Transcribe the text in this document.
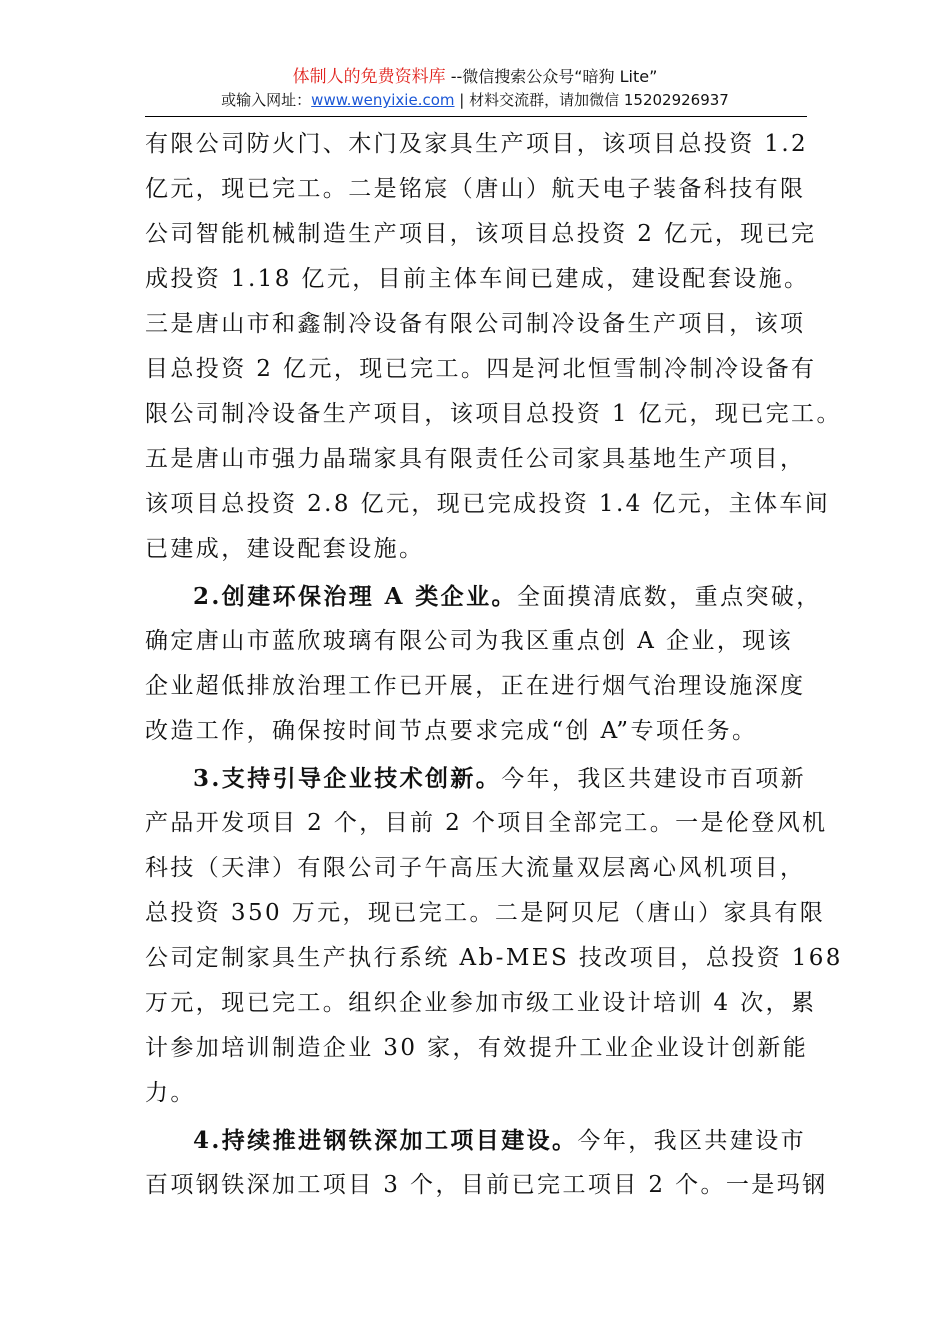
体制人的免费资料库 --微信搜索公众号“暗狗 Lite”
或输入网址：www.wenyixie.com | 材料交流群，请加微信 15202926937
有限公司防火门、木门及家具生产项目，该项目总投资 1.2
亿元，现已完工。二是铭宸（唐山）航天电子装备科技有限
公司智能机械制造生产项目，该项目总投资 2 亿元，现已完
成投资 1.18 亿元，目前主体车间已建成，建设配套设施。
三是唐山市和鑫制冷设备有限公司制冷设备生产项目，该项
目总投资 2 亿元，现已完工。四是河北恒雪制冷制冷设备有
限公司制冷设备生产项目，该项目总投资 1 亿元，现已完工。
五是唐山市强力晶瑞家具有限责任公司家具基地生产项目，
该项目总投资 2.8 亿元，现已完成投资 1.4 亿元，主体车间
已建成，建设配套设施。
2.创建环保治理 A 类企业。全面摸清底数，重点突破，
确定唐山市蓝欣玻璃有限公司为我区重点创 A 企业，现该
企业超低排放治理工作已开展，正在进行烟气治理设施深度
改造工作，确保按时间节点要求完成“创 A”专项任务。
3.支持引导企业技术创新。今年，我区共建设市百项新
产品开发项目 2 个，目前 2 个项目全部完工。一是伦登风机
科技（天津）有限公司子午高压大流量双层离心风机项目，
总投资 350 万元，现已完工。二是阿贝尼（唐山）家具有限
公司定制家具生产执行系统 Ab-MES 技改项目，总投资 168
万元，现已完工。组织企业参加市级工业设计培训 4 次，累
计参加培训制造企业 30 家，有效提升工业企业设计创新能
力。
4.持续推进钢铁深加工项目建设。今年，我区共建设市
百项钢铁深加工项目 3 个，目前已完工项目 2 个。一是玛钢
